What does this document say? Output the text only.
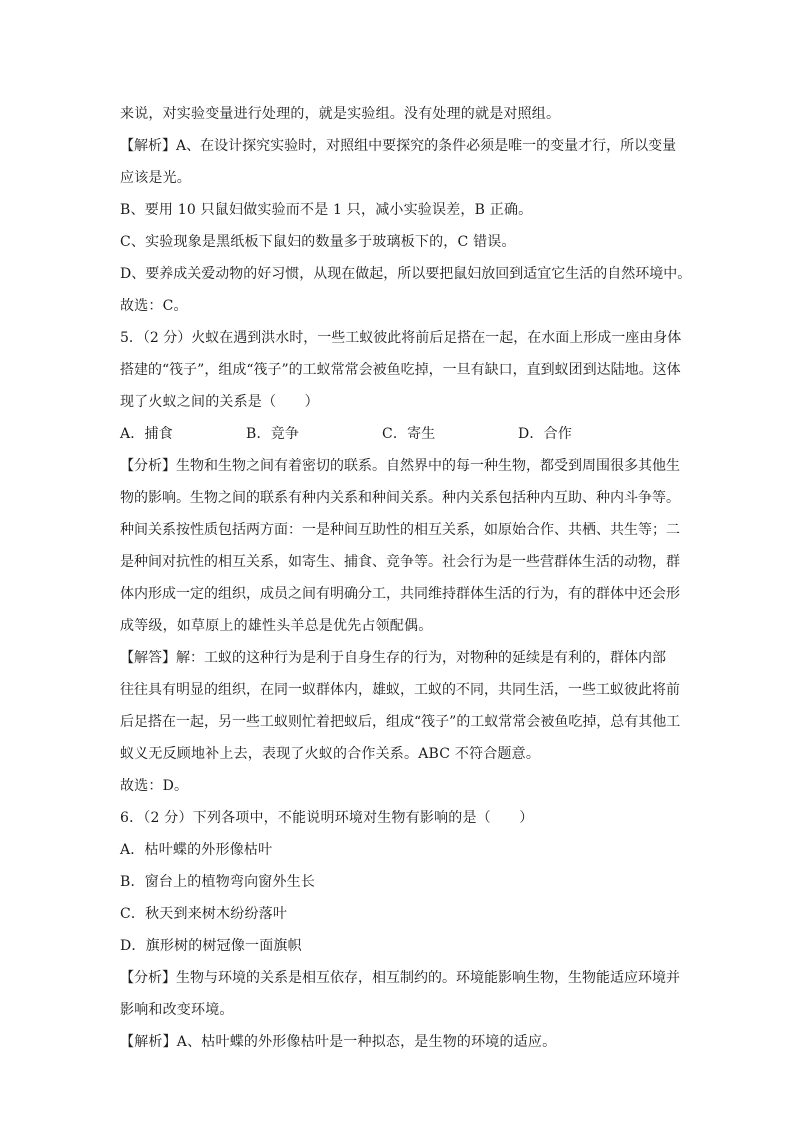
来说，对实验变量进行处理的，就是实验组。没有处理的就是对照组。
【解析】A、在设计探究实验时，对照组中要探究的条件必须是唯一的变量才行，所以变量
应该是光。
B、要用 10 只鼠妇做实验而不是 1 只，减小实验误差，B 正确。
C、实验现象是黑纸板下鼠妇的数量多于玻璃板下的，C 错误。
D、要养成关爱动物的好习惯，从现在做起，所以要把鼠妇放回到适宜它生活的自然环境中。
故选：C。
5．（2 分）火蚁在遇到洪水时，一些工蚁彼此将前后足搭在一起，在水面上形成一座由身体
搭建的“筏子”，组成“筏子”的工蚁常常会被鱼吃掉，一旦有缺口，直到蚁团到达陆地。这体
现了火蚁之间的关系是（　　）
A．捕食	B．竞争	C．寄生	D．合作
【分析】生物和生物之间有着密切的联系。自然界中的每一种生物，都受到周围很多其他生
物的影响。生物之间的联系有种内关系和种间关系。种内关系包括种内互助、种内斗争等。
种间关系按性质包括两方面：一是种间互助性的相互关系，如原始合作、共栖、共生等；二
是种间对抗性的相互关系，如寄生、捕食、竞争等。社会行为是一些营群体生活的动物，群
体内形成一定的组织，成员之间有明确分工，共同维持群体生活的行为，有的群体中还会形
成等级，如草原上的雄性头羊总是优先占领配偶。
【解答】解：工蚁的这种行为是利于自身生存的行为，对物种的延续是有利的，群体内部
往往具有明显的组织，在同一蚁群体内，雄蚁，工蚁的不同，共同生活，一些工蚁彼此将前
后足搭在一起，另一些工蚁则忙着把蚁后，组成“筏子”的工蚁常常会被鱼吃掉，总有其他工
蚁义无反顾地补上去，表现了火蚁的合作关系。ABC 不符合题意。
故选：D。
6．（2 分）下列各项中，不能说明环境对生物有影响的是（　　）
A．枯叶蝶的外形像枯叶
B．窗台上的植物弯向窗外生长
C．秋天到来树木纷纷落叶
D．旗形树的树冠像一面旗帜
【分析】生物与环境的关系是相互依存，相互制约的。环境能影响生物，生物能适应环境并
影响和改变环境。
【解析】A、枯叶蝶的外形像枯叶是一种拟态，是生物的环境的适应。
